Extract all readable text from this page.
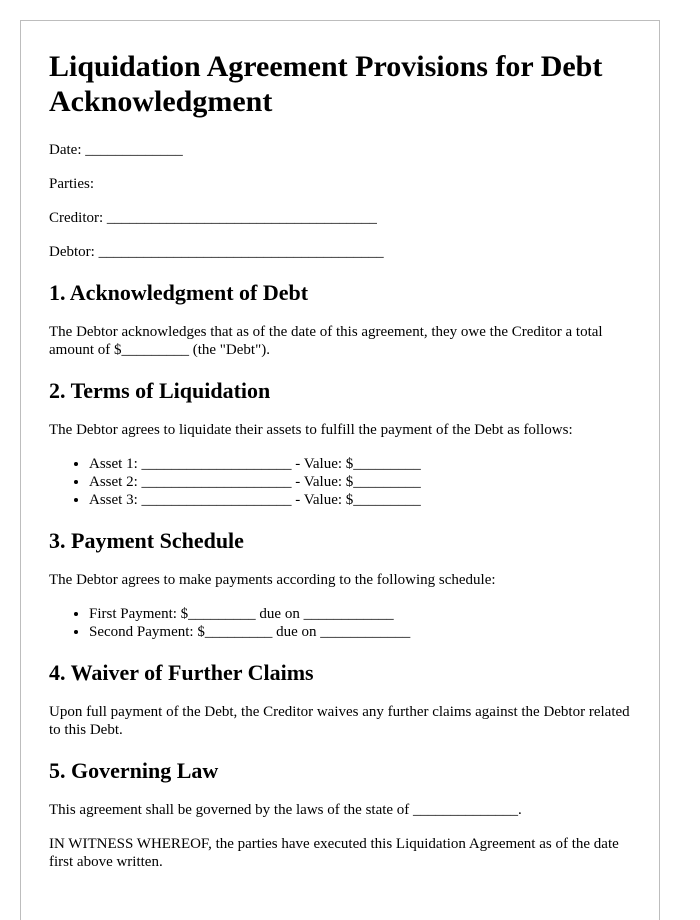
Liquidation Agreement Provisions for Debt Acknowledgment

Date: _____________

Parties:

Creditor: ____________________________________

Debtor: ______________________________________

1. Acknowledgment of Debt

The Debtor acknowledges that as of the date of this agreement, they owe the Creditor a total amount of $_________ (the "Debt").

2. Terms of Liquidation

The Debtor agrees to liquidate their assets to fulfill the payment of the Debt as follows:

• Asset 1: ____________________ - Value: $_________
• Asset 2: ____________________ - Value: $_________
• Asset 3: ____________________ - Value: $_________
3. Payment Schedule

The Debtor agrees to make payments according to the following schedule:

• First Payment: $_________ due on ____________
• Second Payment: $_________ due on ____________
4. Waiver of Further Claims

Upon full payment of the Debt, the Creditor waives any further claims against the Debtor related to this Debt.

5. Governing Law

This agreement shall be governed by the laws of the state of ______________.

IN WITNESS WHEREOF, the parties have executed this Liquidation Agreement as of the date first above written.
